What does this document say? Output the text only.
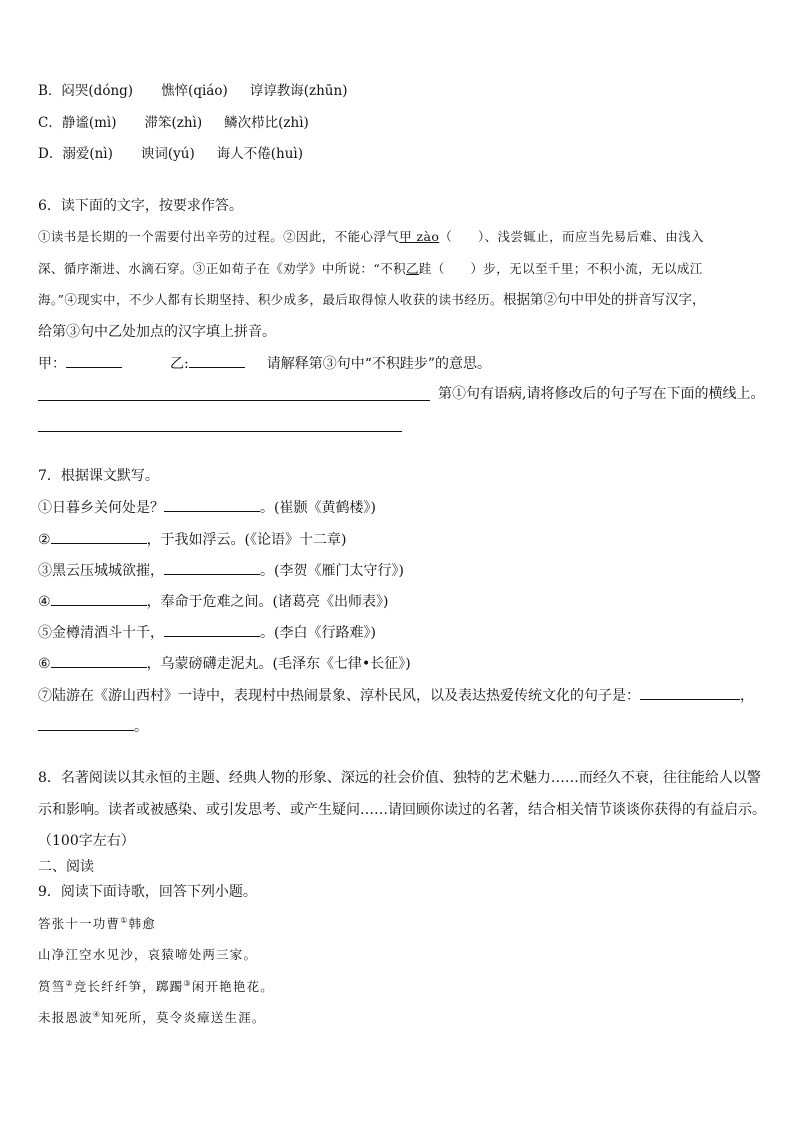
B．闷哭(dóng) 憔悴(qiáo) 谆谆教诲(zhūn)
C．静谧(mì) 滞笨(zhì) 鳞次栉比(zhì)
D．溺爱(nì) 谀词(yú) 诲人不倦(huì)
6．读下面的文字，按要求作答。
①读书是长期的一个需要付出辛劳的过程。②因此，不能心浮气甲 zào（　　）、浅尝辄止，而应当先易后难、由浅入
深、循序渐进、水滴石穿。③正如荀子在《劝学》中所说：“不积乙跬（　　）步，无以至千里；不积小流，无以成江
海。”④现实中，不少人都有长期坚持、积少成多，最后取得惊人收获的读书经历。根据第②句中甲处的拼音写汉字，
给第③句中乙处加点的汉字填上拼音。
甲：	乙:	请解释第③句中“不积跬步”的意思。
第①句有语病,请将修改后的句子写在下面的横线上。
7．根据课文默写。
①日暮乡关何处是？	。(崔颢《黄鹤楼》)
②	，于我如浮云。(《论语》十二章)
③黑云压城城欲摧，	。(李贺《雁门太守行》)
④	，奉命于危难之间。(诸葛亮《出师表》)
⑤金樽清酒斗十千，	。(李白《行路难》)
⑥	，乌蒙磅礴走泥丸。(毛泽东《七律•长征》)
⑦陆游在《游山西村》一诗中，表现村中热闹景象、淳朴民风，以及表达热爱传统文化的句子是：	，
。
8．名著阅读以其永恒的主题、经典人物的形象、深远的社会价值、独特的艺术魅力……而经久不衰，往往能给人以警
示和影响。读者或被感染、或引发思考、或产生疑问……请回顾你读过的名著，结合相关情节谈谈你获得的有益启示。
（100字左右）
二、阅读
9．阅读下面诗歌，回答下列小题。
答张十一功曹①韩愈
山净江空水见沙，哀猿啼处两三家。
筼筜②竞长纤纤笋，踯躅③闲开艳艳花。
未报恩波④知死所，莫令炎瘴送生涯。
